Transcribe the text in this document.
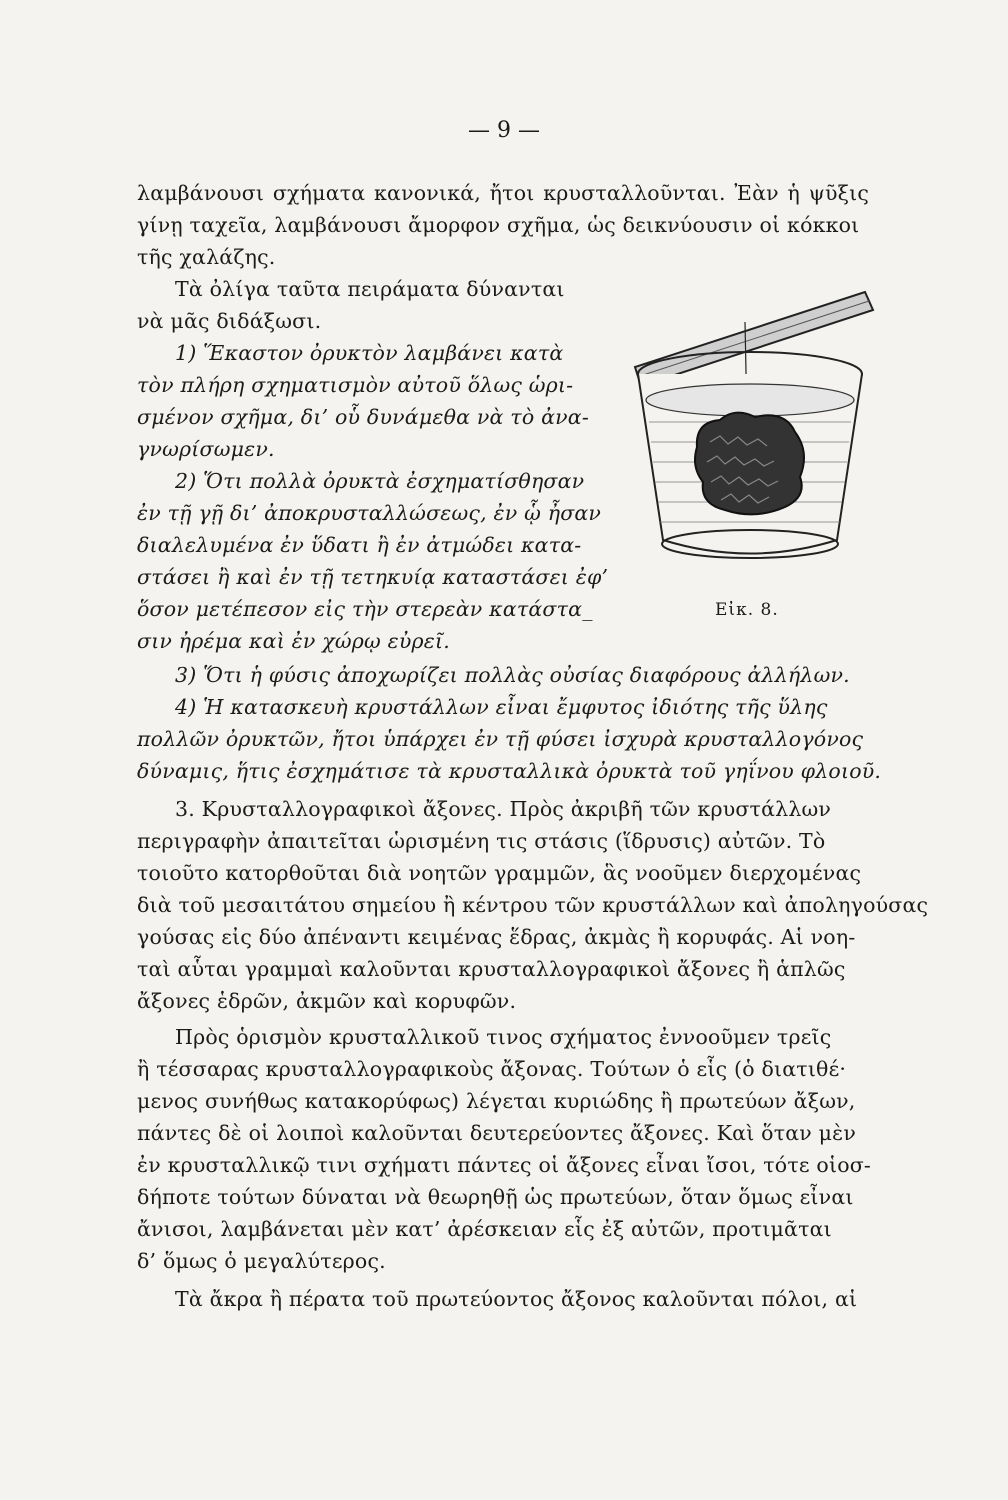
— 9 —
λαμβάνουσι σχήματα κανονικά, ἤτοι κρυσταλλοῦνται. Ἐὰν ἡ ψῦξις
γίνῃ ταχεῖα, λαμβάνουσι ἄμορφον σχῆμα, ὡς δεικνύουσιν οἱ κόκκοι
τῆς χαλάζης.
Τὰ ὀλίγα ταῦτα πειράματα δύνανται
νὰ μᾶς διδάξωσι.
1) Ἕκαστον ὀρυκτὸν λαμβάνει κατὰ
τὸν πλήρη σχηματισμὸν αὐτοῦ ὅλως ὡρι-
σμένον σχῆμα, δι’ οὗ δυνάμεθα νὰ τὸ ἀνα-
γνωρίσωμεν.
2) Ὅτι πολλὰ ὀρυκτὰ ἐσχηματίσθησαν
ἐν τῇ γῇ δι’ ἀποκρυσταλλώσεως, ἐν ᾧ ἦσαν
διαλελυμένα ἐν ὕδατι ἢ ἐν ἀτμώδει κατα-
στάσει ἢ καὶ ἐν τῇ τετηκυίᾳ καταστάσει ἐφ’
ὅσον μετέπεσον εἰς τὴν στερεὰν κατάστα_
σιν ἠρέμα καὶ ἐν χώρῳ εὐρεῖ.
3) Ὅτι ἡ φύσις ἀποχωρίζει πολλὰς οὐσίας διαφόρους ἀλλήλων.
4) Ἡ κατασκευὴ κρυστάλλων εἶναι ἔμφυτος ἰδιότης τῆς ὕλης
πολλῶν ὀρυκτῶν, ἤτοι ὑπάρχει ἐν τῇ φύσει ἰσχυρὰ κρυσταλλογόνος
δύναμις, ἥτις ἐσχημάτισε τὰ κρυσταλλικὰ ὀρυκτὰ τοῦ γηΐνου φλοιοῦ.
3. Κρυσταλλογραφικοὶ ἄξονες. Πρὸς ἀκριβῆ τῶν κρυστάλλων
περιγραφὴν ἀπαιτεῖται ὡρισμένη τις στάσις (ἵδρυσις) αὐτῶν. Τὸ
τοιοῦτο κατορθοῦται διὰ νοητῶν γραμμῶν, ἃς νοοῦμεν διερχομένας
διὰ τοῦ μεσαιτάτου σημείου ἢ κέντρου τῶν κρυστάλλων καὶ ἀποληγούσας
γούσας εἰς δύο ἀπέναντι κειμένας ἕδρας, ἀκμὰς ἢ κορυφάς. Αἱ νοη-
ταὶ αὗται γραμμαὶ καλοῦνται κρυσταλλογραφικοὶ ἄξονες ἢ ἁπλῶς
ἄξονες ἑδρῶν, ἀκμῶν καὶ κορυφῶν.
Πρὸς ὁρισμὸν κρυσταλλικοῦ τινος σχήματος ἐννοοῦμεν τρεῖς
ἢ τέσσαρας κρυσταλλογραφικοὺς ἄξονας. Τούτων ὁ εἷς (ὁ διατιθέ·
μενος συνήθως κατακορύφως) λέγεται κυριώδης ἢ πρωτεύων ἄξων,
πάντες δὲ οἱ λοιποὶ καλοῦνται δευτερεύοντες ἄξονες. Καὶ ὅταν μὲν
ἐν κρυσταλλικῷ τινι σχήματι πάντες οἱ ἄξονες εἶναι ἴσοι, τότε οἱοσ-
δήποτε τούτων δύναται νὰ θεωρηθῇ ὡς πρωτεύων, ὅταν ὅμως εἶναι
ἄνισοι, λαμβάνεται μὲν κατ’ ἀρέσκειαν εἷς ἐξ αὐτῶν, προτιμᾶται
δ’ ὅμως ὁ μεγαλύτερος.
Τὰ ἄκρα ἢ πέρατα τοῦ πρωτεύοντος ἄξονος καλοῦνται πόλοι, αἱ
Εἰκ. 8.
